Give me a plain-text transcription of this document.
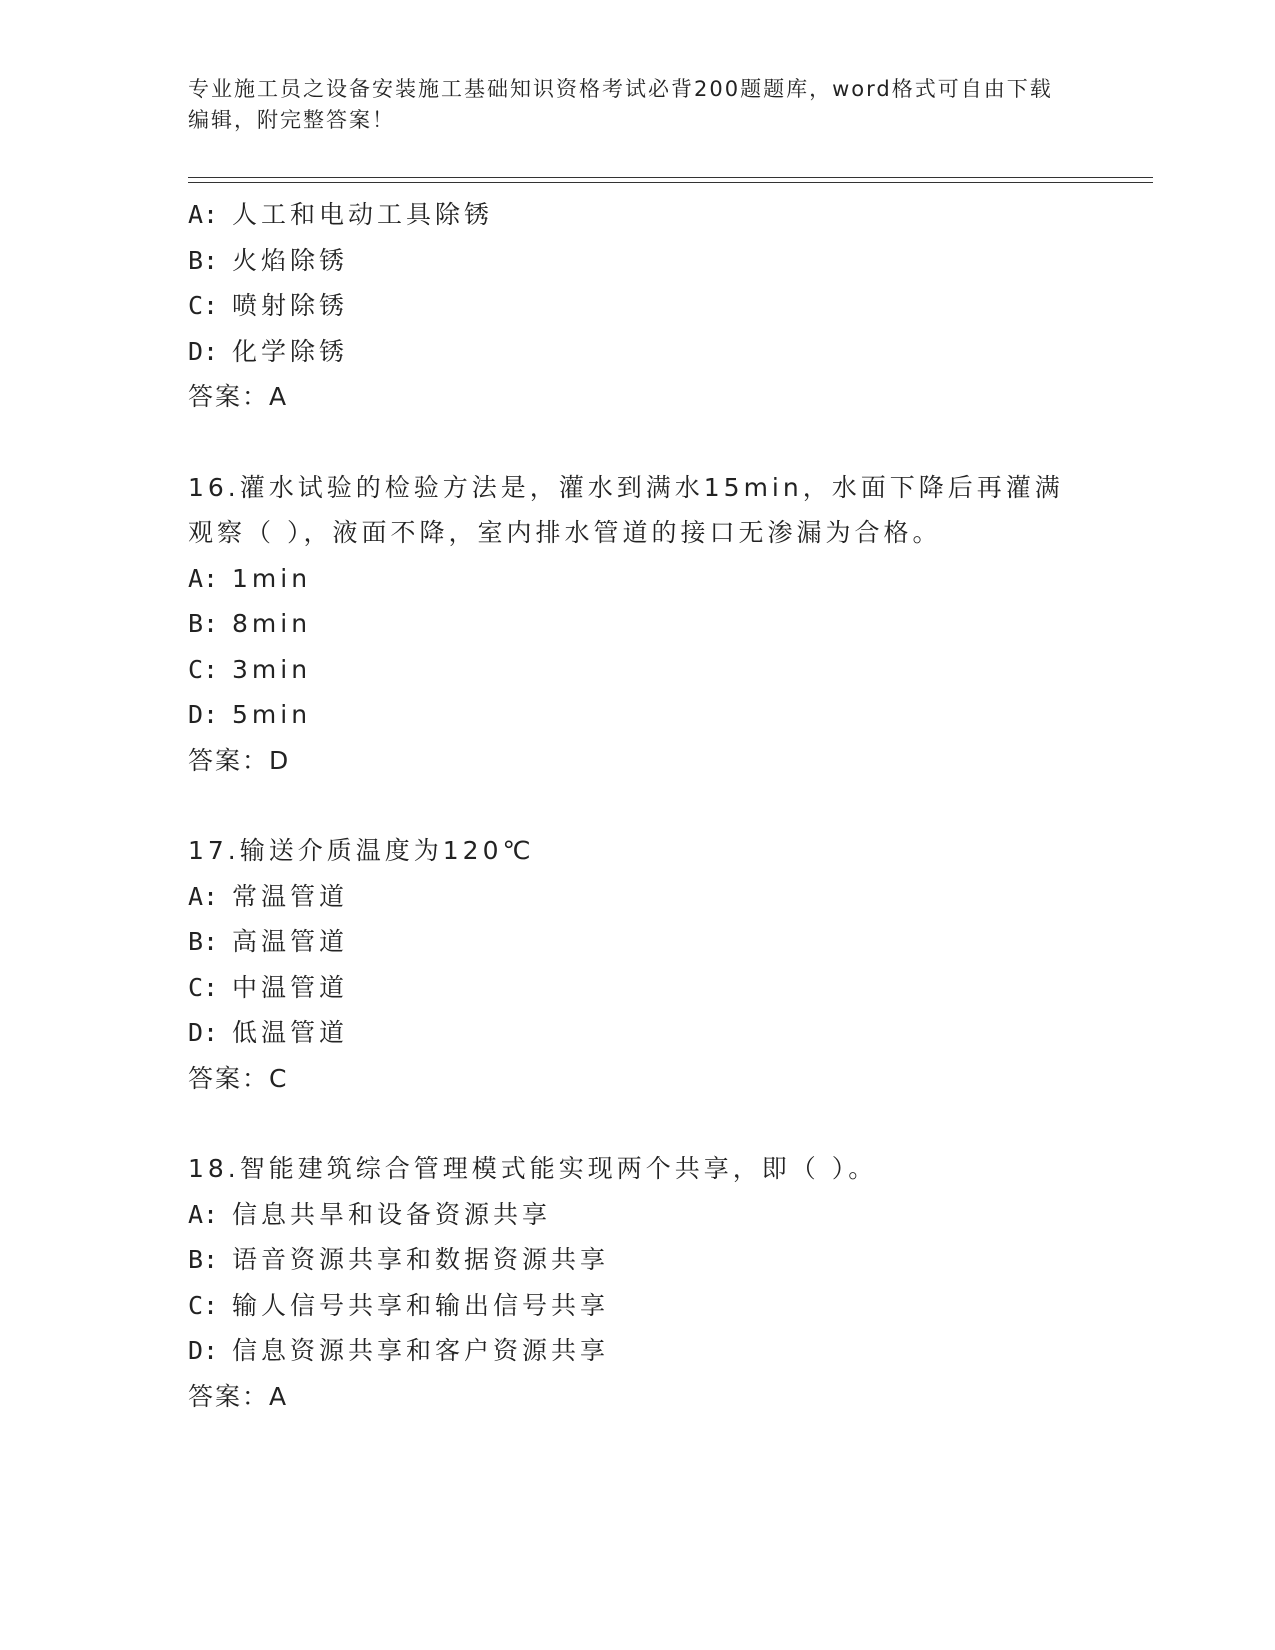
专业施工员之设备安装施工基础知识资格考试必背200题题库，word格式可自由下载编辑，附完整答案！
A: 人工和电动工具除锈
B: 火焰除锈
C: 喷射除锈
D: 化学除锈
答案：A
16.灌水试验的检验方法是，灌水到满水15min，水面下降后再灌满观察（ ），液面不降，室内排水管道的接口无渗漏为合格。
A: 1min
B: 8min
C: 3min
D: 5min
答案：D
17.输送介质温度为120℃
A: 常温管道
B: 高温管道
C: 中温管道
D: 低温管道
答案：C
18.智能建筑综合管理模式能实现两个共享，即（ ）。
A: 信息共旱和设备资源共享
B: 语音资源共享和数据资源共享
C: 输人信号共享和输出信号共享
D: 信息资源共享和客户资源共享
答案：A
